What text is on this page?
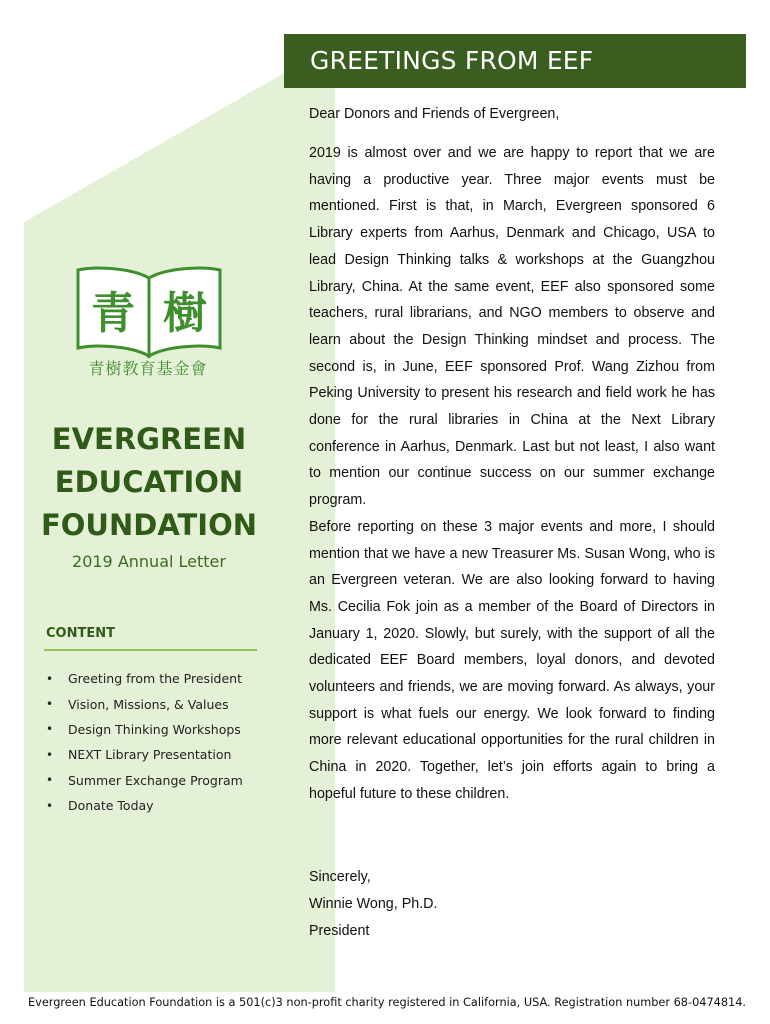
GREETINGS FROM EEF
青 樹
青樹教育基金會
EVERGREEN
EDUCATION
FOUNDATION
2019 Annual Letter
CONTENT
•	Greeting from the President
•	Vision, Missions, & Values
•	Design Thinking Workshops
•	NEXT Library Presentation
•	Summer Exchange Program
•	Donate Today
Dear Donors and Friends of Evergreen,

2019 is almost over and we are happy to report that we are having a productive year. Three major events must be mentioned. First is that, in March, Evergreen sponsored 6 Library experts from Aarhus, Denmark and Chicago, USA to lead Design Thinking talks & workshops at the Guangzhou Library, China. At the same event, EEF also sponsored some teachers, rural librarians, and NGO members to observe and learn about the Design Thinking mindset and process. The second is, in June, EEF sponsored Prof. Wang Zizhou from Peking University to present his research and field work he has done for the rural libraries in China at the Next Library conference in Aarhus, Denmark. Last but not least, I also want to mention our continue success on our summer exchange program.

Before reporting on these 3 major events and more, I should mention that we have a new Treasurer Ms. Susan Wong, who is an Evergreen veteran. We are also looking forward to having Ms. Cecilia Fok join as a member of the Board of Directors in January 1, 2020. Slowly, but surely, with the support of all the dedicated EEF Board members, loyal donors, and devoted volunteers and friends, we are moving forward. As always, your support is what fuels our energy. We look forward to finding more relevant educational opportunities for the rural children in China in 2020. Together, let’s join efforts again to bring a hopeful future to these children.

Sincerely,
Winnie Wong, Ph.D.
President
Evergreen Education Foundation is a 501(c)3 non-profit charity registered in California, USA. Registration number 68-0474814.
